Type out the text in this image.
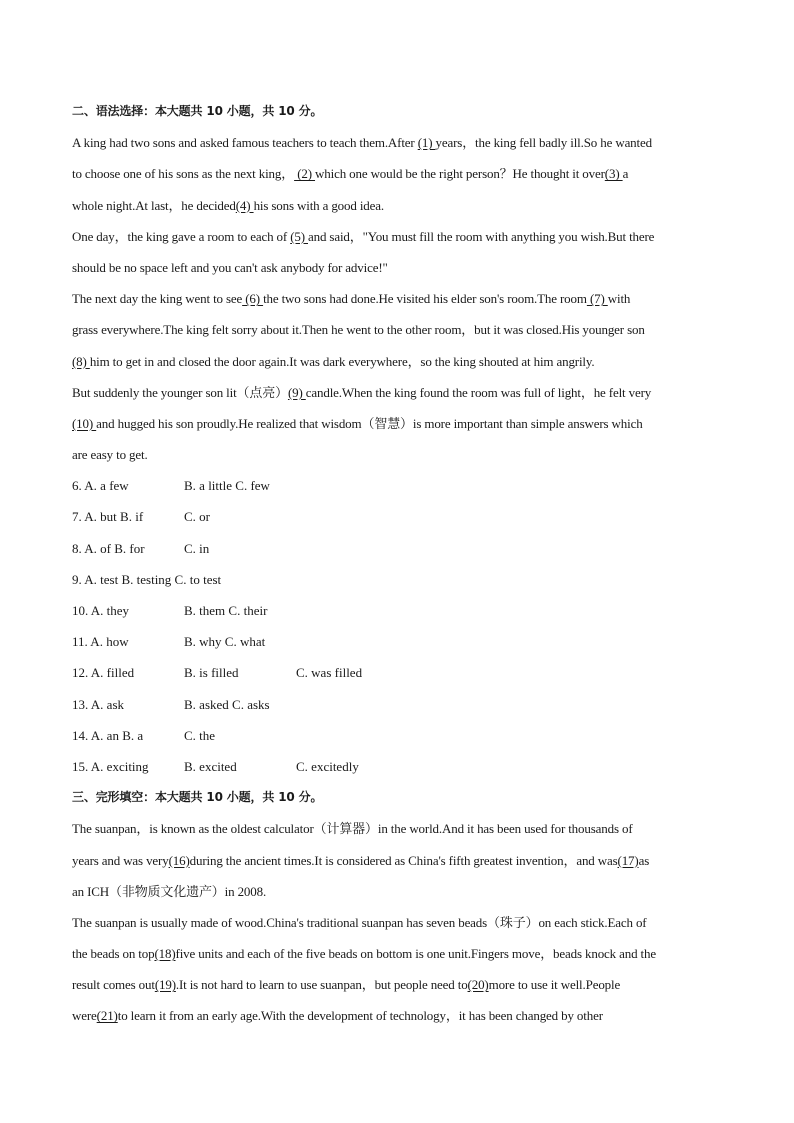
二、语法选择：本大题共 10 小题，共 10 分。
A king had two sons and asked famous teachers to teach them.After (1) years，the king fell badly ill.So he wanted
to choose one of his sons as the next king， (2) which one would be the right person？He thought it over(3) a
whole night.At last，he decided(4) his sons with a good idea.
One day，the king gave a room to each of (5) and said，"You must fill the room with anything you wish.But there
should be no space left and you can't ask anybody for advice!"
The next day the king went to see (6) the two sons had done.He visited his elder son's room.The room (7) with
grass everywhere.The king felt sorry about it.Then he went to the other room，but it was closed.His younger son
(8) him to get in and closed the door again.It was dark everywhere，so the king shouted at him angrily.
But suddenly the younger son lit（点亮）(9) candle.When the king found the room was full of light，he felt very
(10) and hugged his son proudly.He realized that wisdom（智慧）is more important than simple answers which
are easy to get.
6. A. a few	B. a little C. few
7. A. but B. if	C. or
8. A. of B. for	C. in
9. A. test B. testing C. to test
10. A. they	B. them C. their
11. A. how	B. why C. what
12. A. filled	B. is filled	C. was filled
13. A. ask	B. asked C. asks
14. A. an B. a	C. the
15. A. exciting	B. excited	C. excitedly
三、完形填空：本大题共 10 小题，共 10 分。
The suanpan，is known as the oldest calculator（计算器）in the world.And it has been used for thousands of
years and was very(16)during the ancient times.It is considered as China's fifth greatest invention，and was(17)as
an ICH（非物质文化遗产）in 2008.
The suanpan is usually made of wood.China's traditional suanpan has seven beads（珠子）on each stick.Each of
the beads on top(18)five units and each of the five beads on bottom is one unit.Fingers move，beads knock and the
result comes out(19).It is not hard to learn to use suanpan，but people need to(20)more to use it well.People
were(21)to learn it from an early age.With the development of technology，it has been changed by other
